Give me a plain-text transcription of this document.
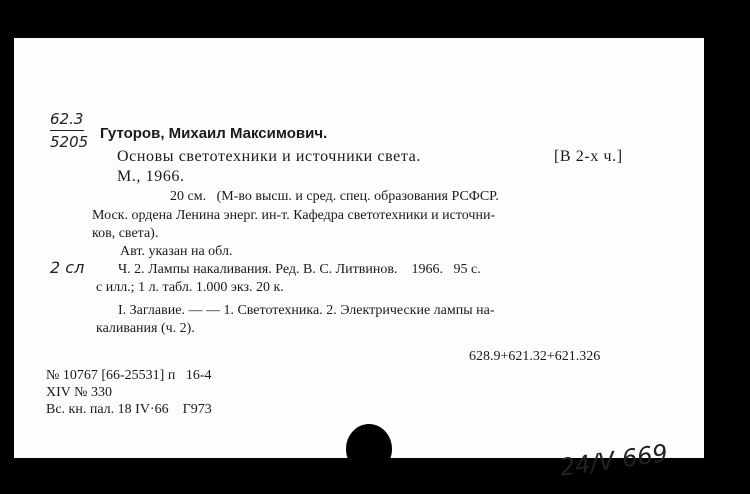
62.3
5205 Гуторов, Михаил Максимович.
Основы светотехники и источники света.	[В 2-х ч.]
М., 1966.
20 см.   (М-во высш. и сред. спец. образования РСФСР.
Моск. ордена Ленина энерг. ин-т. Кафедра светотехники и источни-
ков, света).
Авт. указан на обл.
2 сл Ч. 2. Лампы накаливания. Ред. В. С. Литвинов.    1966.   95 с.
с илл.; 1 л. табл. 1.000 экз. 20 к.
I. Заглавие. — — 1. Светотехника. 2. Электрические лампы на-
каливания (ч. 2).
628.9+621.32+621.326
№ 10767 [66-25531] п   16-4
XIV № 330
Вс. кн. пал. 18 IV·66    Г973
24/V 669
